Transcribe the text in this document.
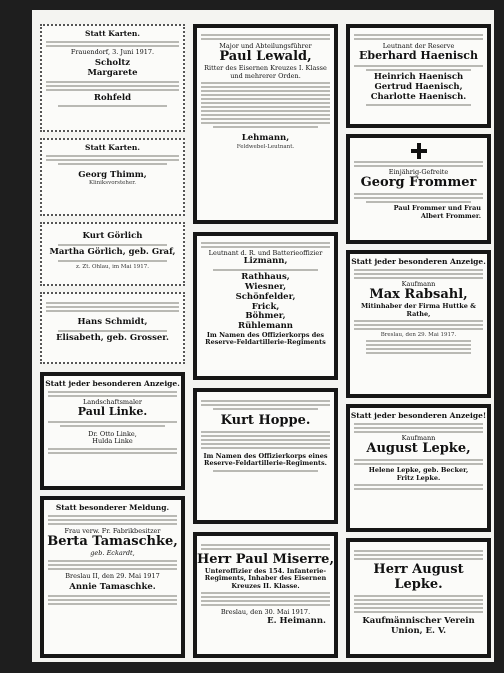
Statt Karten.
Frauendorf, 3. Juni 1917.
Scholtz
Margarete
Rohfeld
Statt Karten.
Georg Thimm,
Kliniksvorsteher.
Kurt Görlich
Martha Görlich, geb. Graf,
z. Zt. Ohlau, im Mai 1917.
Hans Schmidt,
Elisabeth, geb. Grosser.
Statt jeder besonderen Anzeige.
Landschaftsmaler
Paul Linke.
Dr. Otto Linke,
Hulda Linke
Statt besonderer Meldung.
Frau verw. Fr. Fabrikbesitzer
Berta Tamaschke,
geb. Eckardt,
Breslau II, den 29. Mai 1917
Annie Tamaschke.
Major und Abteilungsführer
Paul Lewald,
Ritter des Eisernen Kreuzes I. Klasse und mehrerer Orden.
Lehmann,
Feldwebel-Leutnant.
Leutnant d. R. und Batterieoffizier
Lizmann,
Rathhaus,
Wiesner,
Schönfelder,
Frick,
Böhmer,
Rühlemann
Im Namen des Offizierkorps des Reserve-Feldartillerie-Regiments
Kurt Hoppe.
Im Namen des Offizierkorps eines Reserve-Feldartillerie-Regiments.
Herr Paul Miserre,
Unteroffizier des 154. Infanterie-Regiments, Inhaber des Eisernen Kreuzes II. Klasse.
Breslau, den 30. Mai 1917.
E. Heimann.
Leutnant der Reserve
Eberhard Haenisch
Heinrich Haenisch
Gertrud Haenisch,
Charlotte Haenisch.
Einjährig-Gefreite
Georg Frommer
Paul Frommer und Frau
Albert Frommer.
Statt jeder besonderen Anzeige.
Kaufmann
Max Rabsahl,
Mitinhaber der Firma Huttke & Rathe,
Breslau, den 29. Mai 1917.
Statt jeder besonderen Anzeige!
Kaufmann
August Lepke,
Helene Lepke, geb. Becker,
Fritz Lepke.
Herr August Lepke.
Kaufmännischer Verein Union, E. V.
